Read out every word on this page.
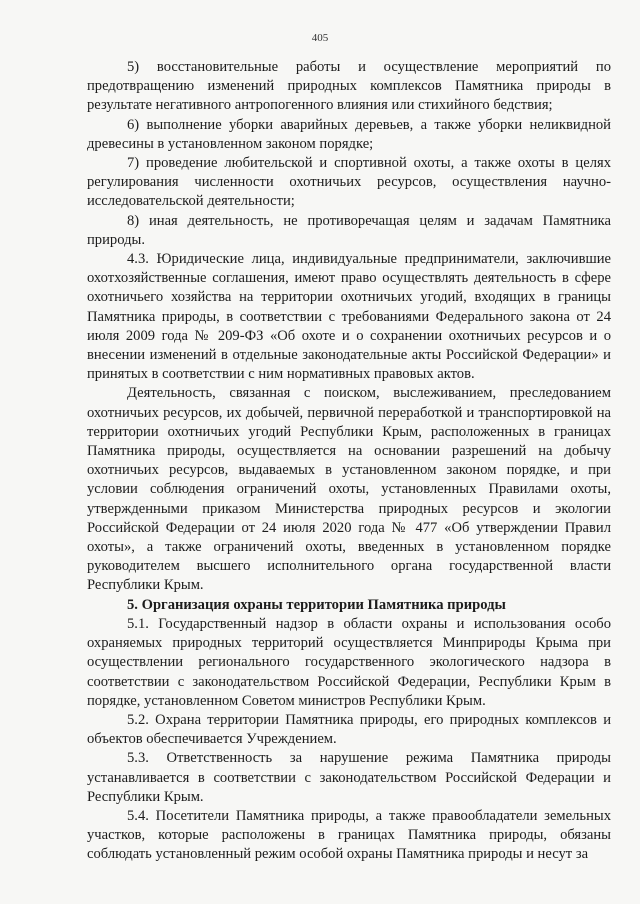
405

5) восстановительные работы и осуществление мероприятий по предотвращению изменений природных комплексов Памятника природы в результате негативного антропогенного влияния или стихийного бедствия;

6) выполнение уборки аварийных деревьев, а также уборки неликвидной древесины в установленном законом порядке;

7) проведение любительской и спортивной охоты, а также охоты в целях регулирования численности охотничьих ресурсов, осуществления научно-исследовательской деятельности;

8) иная деятельность, не противоречащая целям и задачам Памятника природы.

4.3. Юридические лица, индивидуальные предприниматели, заключившие охотхозяйственные соглашения, имеют право осуществлять деятельность в сфере охотничьего хозяйства на территории охотничьих угодий, входящих в границы Памятника природы, в соответствии с требованиями Федерального закона от 24 июля 2009 года № 209-ФЗ «Об охоте и о сохранении охотничьих ресурсов и о внесении изменений в отдельные законодательные акты Российской Федерации» и принятых в соответствии с ним нормативных правовых актов.

Деятельность, связанная с поиском, выслеживанием, преследованием охотничьих ресурсов, их добычей, первичной переработкой и транспортировкой на территории охотничьих угодий Республики Крым, расположенных в границах Памятника природы, осуществляется на основании разрешений на добычу охотничьих ресурсов, выдаваемых в установленном законом порядке, и при условии соблюдения ограничений охоты, установленных Правилами охоты, утвержденными приказом Министерства природных ресурсов и экологии Российской Федерации от 24 июля 2020 года № 477 «Об утверждении Правил охоты», а также ограничений охоты, введенных в установленном порядке руководителем высшего исполнительного органа государственной власти Республики Крым.

5. Организация охраны территории Памятника природы

5.1. Государственный надзор в области охраны и использования особо охраняемых природных территорий осуществляется Минприроды Крыма при осуществлении регионального государственного экологического надзора в соответствии с законодательством Российской Федерации, Республики Крым в порядке, установленном Советом министров Республики Крым.

5.2. Охрана территории Памятника природы, его природных комплексов и объектов обеспечивается Учреждением.

5.3. Ответственность за нарушение режима Памятника природы устанавливается в соответствии с законодательством Российской Федерации и Республики Крым.

5.4. Посетители Памятника природы, а также правообладатели земельных участков, которые расположены в границах Памятника природы, обязаны соблюдать установленный режим особой охраны Памятника природы и несут за
